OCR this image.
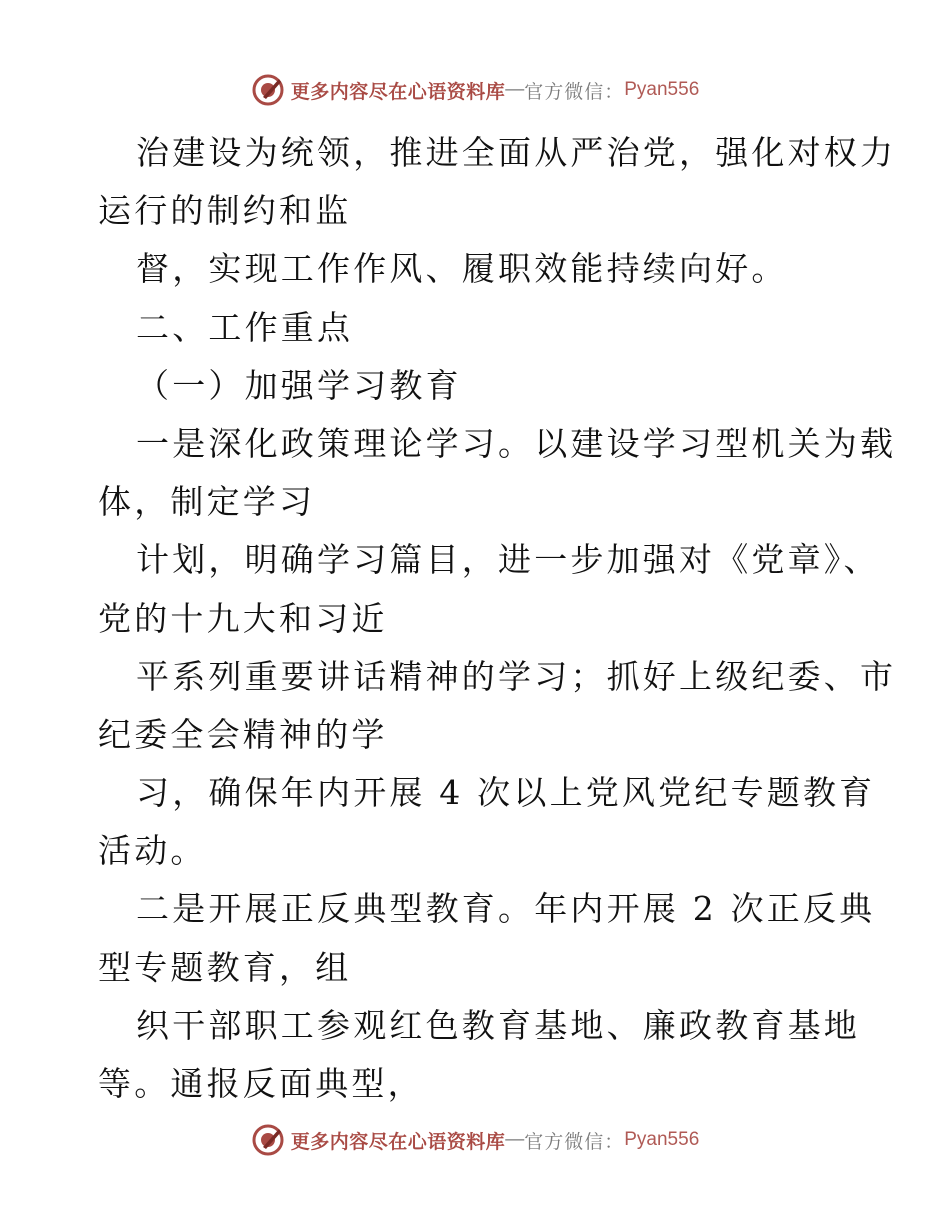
更多内容尽在心语资料库 — 官方微信： Pyan556
治建设为统领，推进全面从严治党，强化对权力
运行的制约和监
督，实现工作作风、履职效能持续向好。
二、工作重点
（一）加强学习教育
一是深化政策理论学习。以建设学习型机关为载
体，制定学习
计划，明确学习篇目，进一步加强对《党章》、
党的十九大和习近
平系列重要讲话精神的学习；抓好上级纪委、市
纪委全会精神的学
习，确保年内开展 4 次以上党风党纪专题教育
活动。
二是开展正反典型教育。年内开展 2 次正反典
型专题教育，组
织干部职工参观红色教育基地、廉政教育基地
等。通报反面典型，
更多内容尽在心语资料库 — 官方微信： Pyan556
